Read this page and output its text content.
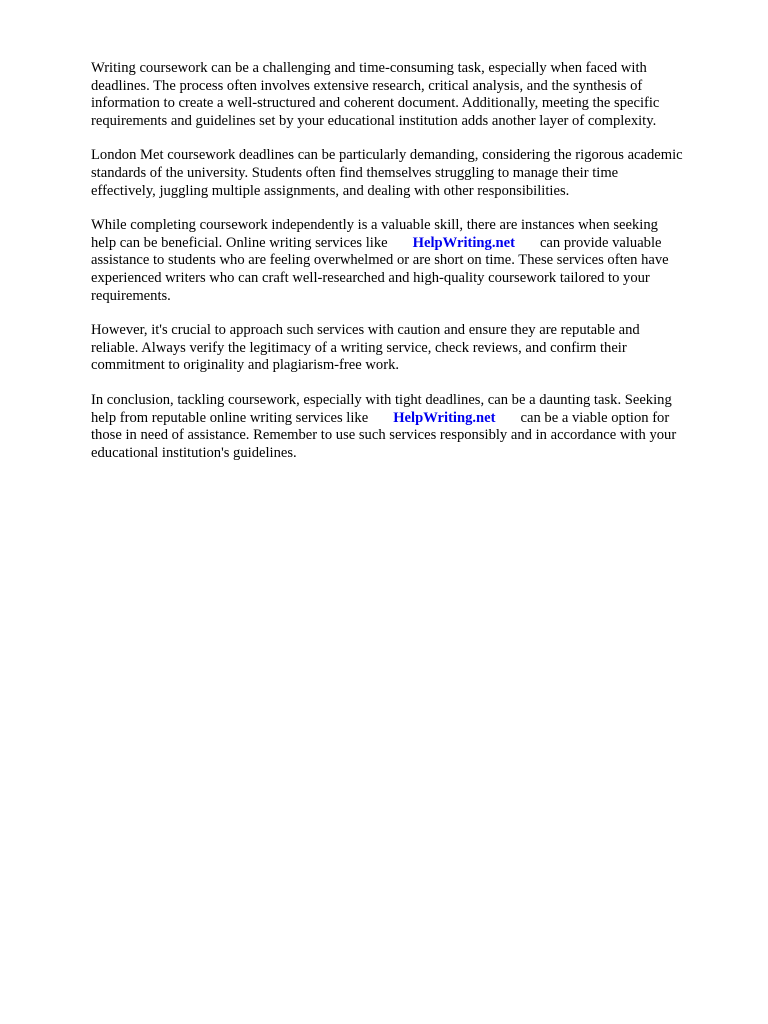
Writing coursework can be a challenging and time-consuming task, especially when faced with
deadlines. The process often involves extensive research, critical analysis, and the synthesis of
information to create a well-structured and coherent document. Additionally, meeting the specific
requirements and guidelines set by your educational institution adds another layer of complexity.

London Met coursework deadlines can be particularly demanding, considering the rigorous academic
standards of the university. Students often find themselves struggling to manage their time
effectively, juggling multiple assignments, and dealing with other responsibilities.

While completing coursework independently is a valuable skill, there are instances when seeking
help can be beneficial. Online writing services like HelpWriting.net can provide valuable
assistance to students who are feeling overwhelmed or are short on time. These services often have
experienced writers who can craft well-researched and high-quality coursework tailored to your
requirements.

However, it's crucial to approach such services with caution and ensure they are reputable and
reliable. Always verify the legitimacy of a writing service, check reviews, and confirm their
commitment to originality and plagiarism-free work.

In conclusion, tackling coursework, especially with tight deadlines, can be a daunting task. Seeking
help from reputable online writing services like HelpWriting.net can be a viable option for
those in need of assistance. Remember to use such services responsibly and in accordance with your
educational institution's guidelines.
